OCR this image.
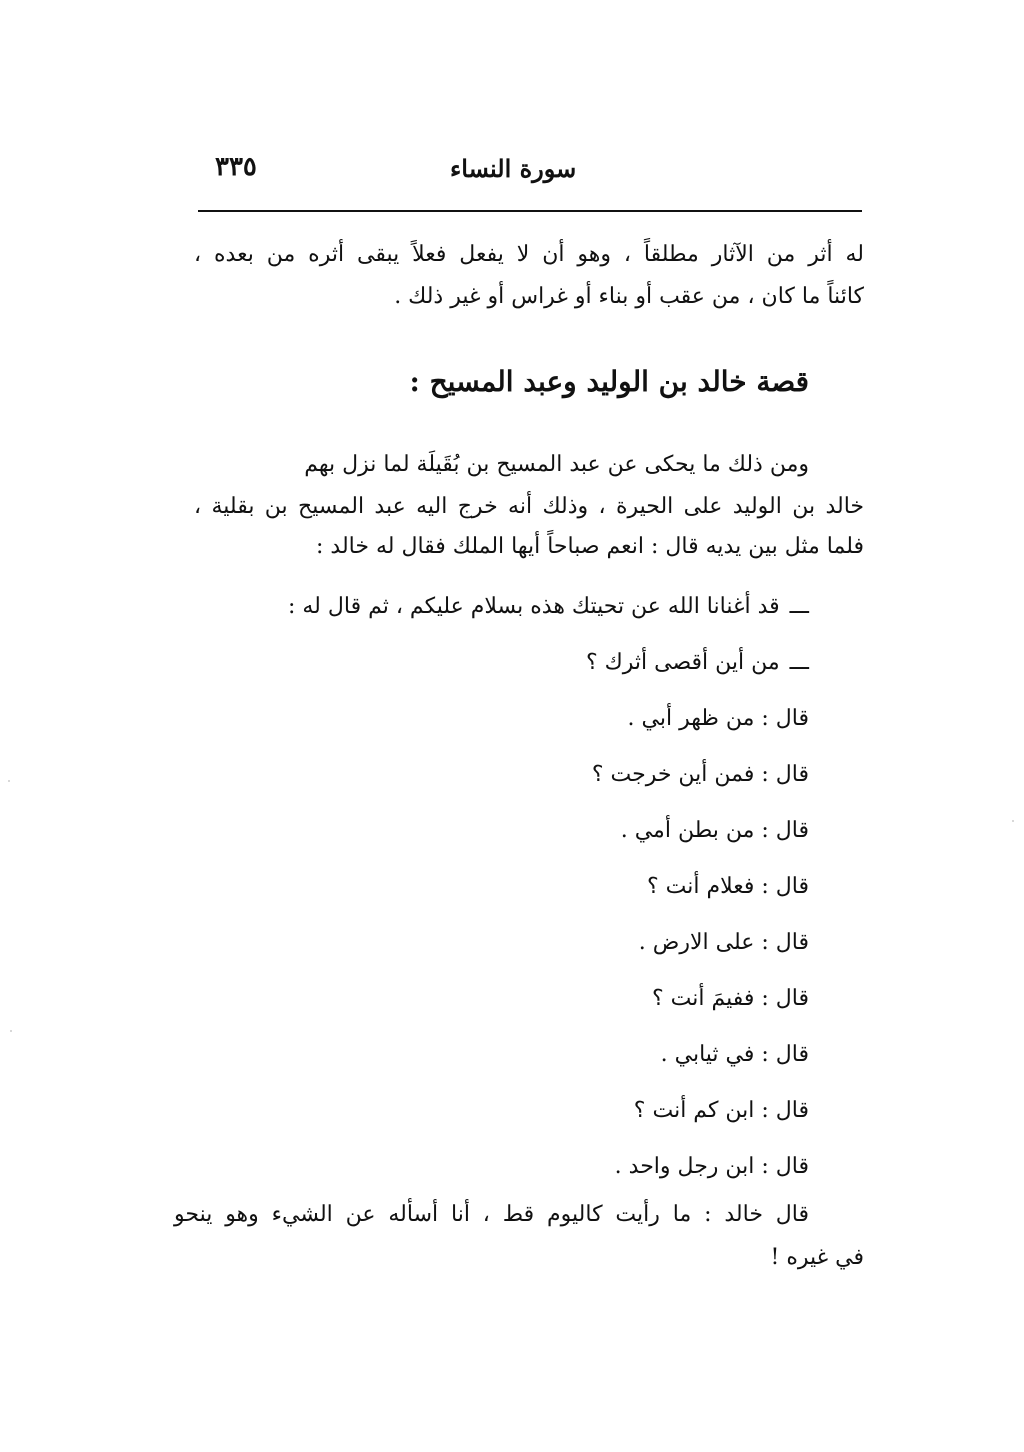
٣٣٥	سورة النساء
له أثر من الآثار مطلقاً ، وهو أن لا يفعل فعلاً يبقى أثره من بعده ،
كائناً ما كان ، من عقب أو بناء أو غراس أو غير ذلك .
قصة خالد بن الوليد وعبد المسيح :
ومن ذلك ما يحكى عن عبد المسيح بن بُقَيلَة لما نزل بهم
خالد بن الوليد على الحيرة ، وذلك أنه خرج اليه عبد المسيح بن بقلية ،
فلما مثل بين يديه قال : انعم صباحاً أيها الملك فقال له خالد :
ـــقد أغنانا الله عن تحيتك هذه بسلام عليكم ، ثم قال له :
ـــمن أين أقصى أثرك ؟
قال : من ظهر أبي .
قال : فمن أين خرجت ؟
قال : من بطن أمي .
قال : فعلام أنت ؟
قال : على الارض .
قال : ففيمَ أنت ؟
قال : في ثيابي .
قال : ابن كم أنت ؟
قال : ابن رجل واحد .
قال خالد : ما رأيت كاليوم قط ، أنا أسأله عن الشيء وهو ينحو
في غيره !
